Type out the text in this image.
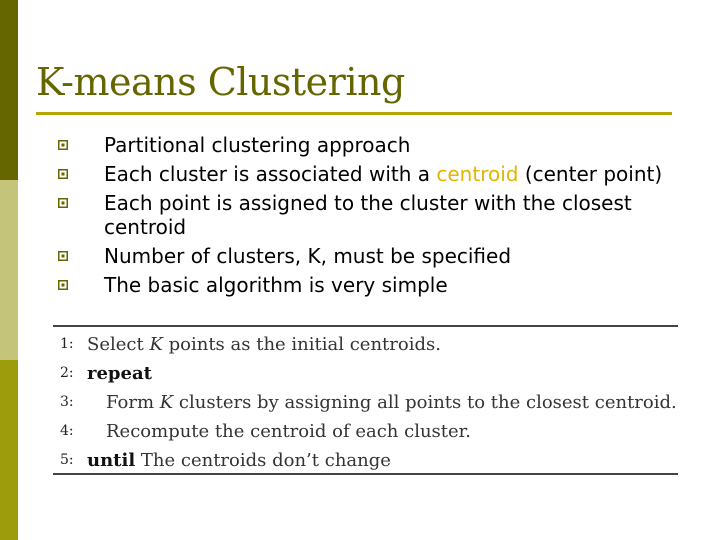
K-means Clustering
Partitional clustering approach
Each cluster is associated with a centroid (center point)
Each point is assigned to the cluster with the closest centroid
Number of clusters, K, must be specified
The basic algorithm is very simple
1: Select K points as the initial centroids.
2: repeat
3:	Form K clusters by assigning all points to the closest centroid.
4:	Recompute the centroid of each cluster.
5: until The centroids don’t change
